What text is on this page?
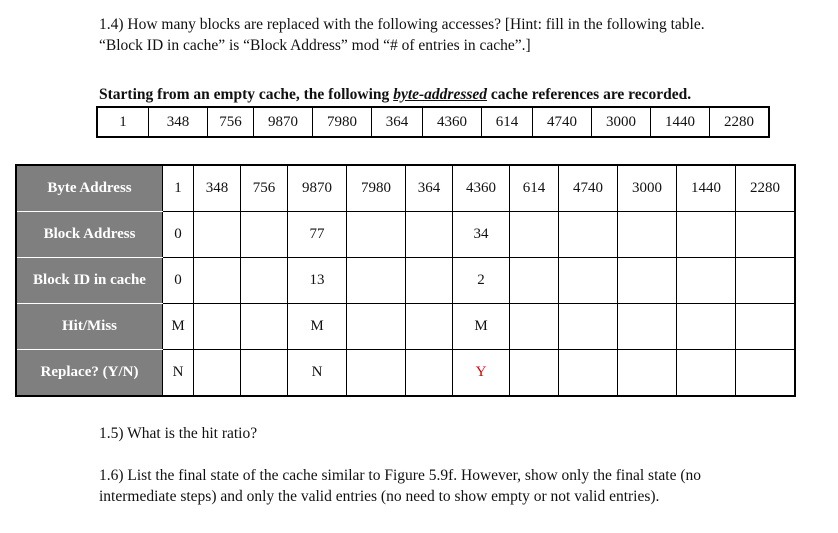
1.4) How many blocks are replaced with the following accesses? [Hint: fill in the following table.
“Block ID in cache” is “Block Address” mod “# of entries in cache”.]
Starting from an empty cache, the following byte-addressed cache references are recorded.
1	348	756	9870	7980	364	4360	614	4740	3000	1440	2280
Byte Address	1	348	756	9870	7980	364	4360	614	4740	3000	1440	2280
Block Address	0			77			34					
Block ID in cache	0			13			2					
Hit/Miss	M			M			M					
Replace? (Y/N)	N			N			Y					
1.5) What is the hit ratio?
1.6) List the final state of the cache similar to Figure 5.9f. However, show only the final state (no
intermediate steps) and only the valid entries (no need to show empty or not valid entries).
